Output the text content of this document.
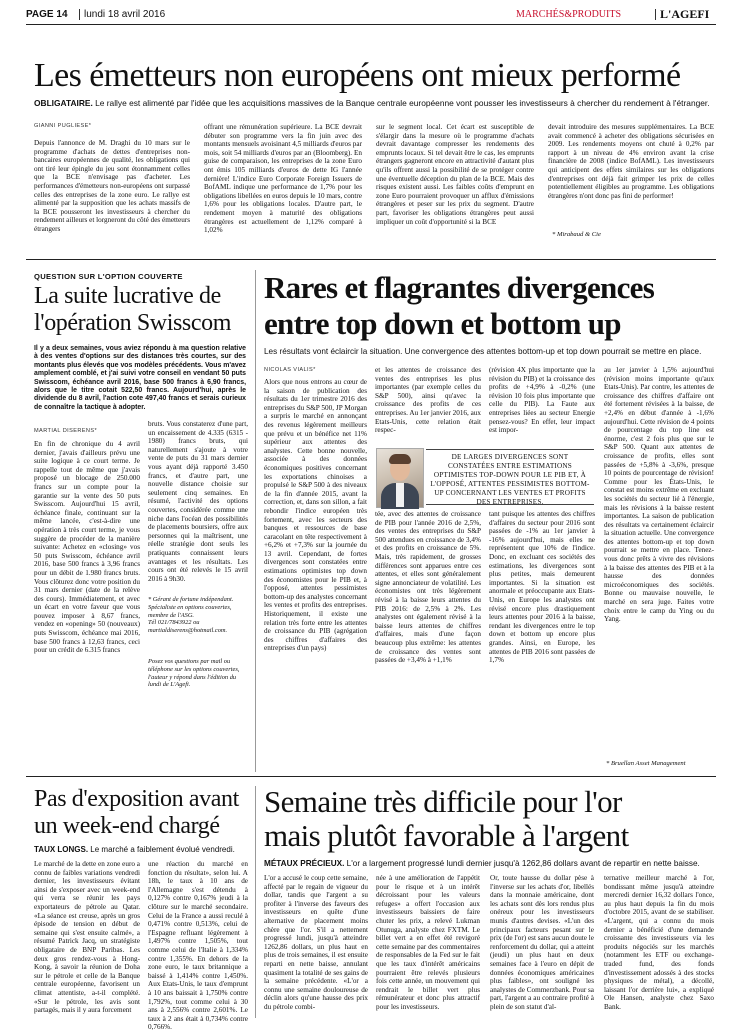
PAGE 14 lundi 18 avril 2016	MARCHÉS&PRODUITS	L'AGEFI
Les émetteurs non européens ont mieux performé
OBLIGATAIRE. Le rallye est alimenté par l'idée que les acquisitions massives de la Banque centrale européenne vont pousser les investisseurs à chercher du rendement à l'étranger.
GIANNI PUGLIESE*

Depuis l'annonce de M. Draghi du 10 mars sur le programme d'achats de dettes d'entreprises non-bancaires européennes de qualité, les obligations qui ont tiré leur épingle du jeu sont étonnamment celles que la BCE n'envisage pas d'acheter. Les performances d'émetteurs non-européens ont surpassé celles des entreprises de la zone euro. Le rallye est alimenté par la supposition que les achats massifs de la BCE pousseront les investisseurs à chercher du rendement ailleurs et lorgneront du côté des émetteurs étrangers

offrant une rémunération supérieure. La BCE devrait débuter son programme vers la fin juin avec des montants mensuels avoisinant 4,5 milliards d'euros par mois, soit 54 milliards d'euros par an (Bloomberg). En guise de comparaison, les entreprises de la zone Euro ont émis 105 milliards d'euros de dette IG l'année dernière! L'indice Euro Corporate Foreign Issuers de BofAML indique une performance de 1,7% pour les obligations libellées en euros depuis le 10 mars, contre 1,6% pour les obligations locales. D'autre part, le rendement moyen à maturité des obligations étrangères est actuellement de 1,12% comparé à 1,02%

sur le segment local. Cet écart est susceptible de s'élargir dans la mesure où le programme d'achats devrait davantage compresser les rendements des emprunts locaux. Si tel devait être le cas, les emprunts étrangers gagneront encore en attractivité d'autant plus qu'ils offrent aussi la possibilité de se protéger contre une éventuelle déception du plan de la BCE. Mais des risques existent aussi. Les faibles coûts d'emprunt en zone Euro pourraient provoquer un afflux d'émissions étrangères et peser sur les prix du segment. D'autre part, favoriser les obligations étrangères peut aussi impliquer un coût d'opportunité si la BCE

devait introduire des mesures supplémentaires. La BCE avait commencé à acheter des obligations sécurisées en 2009. Les rendements moyens ont chuté à 0,2% par rapport à un niveau de 4% environ avant la crise financière de 2008 (indice BofAML). Les investisseurs qui anticipent des effets similaires sur les obligations d'entreprises ont déjà fait grimper les prix de celles potentiellement éligibles au programme. Les obligations étrangères n'ont donc pas fini de performer!

* Mirabaud & Cie
QUESTION SUR L'OPTION COUVERTE
La suite lucrative de
l'opération Swisscom
Il y a deux semaines, vous aviez répondu à ma question relative à des ventes d'options sur des distances très courtes, sur des montants plus élevés que vos modèles précédents. Vous m'avez amplement comblé, et j'ai suivi votre conseil en vendant 50 puts Swisscom, échéance avril 2016, base 500 francs à 6,90 francs, alors que le titre cotait 522,50 francs. Aujourd'hui, après le dividende du 8 avril, l'action cote 497,40 francs et serais curieux de connaître la tactique à adopter.
MARTIAL DISERENS*

En fin de chronique du 4 avril dernier, j'avais d'ailleurs prévu une suite logique à ce court terme. Je rappelle tout de même que j'avais proposé un blocage de 250.000 francs sur un compte pour la garantie sur la vente des 50 puts Swisscom. Aujourd'hui 15 avril, échéance finale, continuant sur la même lancée, c'est-à-dire une opération à très court terme, je vous suggère de procéder de la manière suivante: Achetez en «closing» vos 50 puts Swisscom, échéance avril 2016, base 500 francs à 3,96 francs pour un débit de 1.980 francs bruts. Vous clôturez donc votre position du 31 mars dernier (date de la relève des cours). Immédiatement, et avec un écart en votre faveur que vous pouvez imposer à 8,67 francs, vendez en «opening» 50 (nouveaux) puts Swisscom, échéance mai 2016, base 500 francs à 12,63 francs, ceci pour un crédit de 6.315 francs

bruts. Vous constaterez d'une part, un encaissement de 4.335 (6315 - 1980) francs bruts, qui naturellement s'ajoute à votre vente de puts du 31 mars dernier vous ayant déjà rapporté 3.450 francs, et d'autre part, une nouvelle distance choisie sur seulement cinq semaines. En résumé, l'activité des options couvertes, considérée comme une niche dans l'océan des possibilités de placements boursiers, offre aux personnes qui la maîtrisent, une réelle stratégie dont seuls les pratiquants connaissent leurs avantages et les résultats. Les cours ont été relevés le 15 avril 2016 à 9h30.

* Gérant de fortune indépendant. Spécialiste en options couvertes, membre de l'ASG.
Tél 021/7843922 ou martialdiserens@hotmail.com.
Posez vos questions par mail ou téléphone sur les options couvertes, l'auteur y répond dans l'édition du lundi de L'Agefi.
Rares et flagrantes divergences
entre top down et bottom up
Les résultats vont éclaircir la situation. Une convergence des attentes bottom-up et top down pourrait se mettre en place.
NICOLAS VIALIS*

Alors que nous entrons au cœur de la saison de publication des résultats du 1er trimestre 2016 des entreprises du S&P 500, JP Morgan a surpris le marché en annonçant des revenus légèrement meilleurs que prévu et un bénéfice net 11% supérieur aux attentes des analystes. Cette bonne nouvelle, associée à des données économiques positives concernant les exportations chinoises a propulsé le S&P 500 à des niveaux de la fin d'année 2015, avant la correction, et, dans son sillon, a fait rebondir l'indice européen très fortement, avec les secteurs des banques et ressources de base caracolant en tête respectivement à +6,2% et +7,3% sur la journée du 13 avril. Cependant, de fortes divergences sont constatées entre estimations optimistes top down des économistes pour le PIB et, à l'opposé, attentes pessimistes bottom-up des analystes concernant les ventes et profits des entreprises. Historiquement, il existe une relation très forte entre les attentes de croissance du PIB (agrégation des chiffres d'affaires des entreprises d'un pays)

et les attentes de croissance des ventes des entreprises les plus importantes (par exemple celles du S&P 500), ainsi qu'avec la croissance des profits de ces entreprises. Au 1er janvier 2016, aux Etats-Unis, cette relation était respec-

(révision 4X plus importante que la révision du PIB) et la croissance des profits de +4,9% à -0,2% (une révision 10 fois plus importante que celle du PIB). La Faute aux entreprises liées au secteur Energie pensez-vous? En effet, leur impact est impor-

DE LARGES DIVERGENCES SONT CONSTATÉES ENTRE ESTIMATIONS OPTIMISTES TOP-DOWN POUR LE PIB ET, À L'OPPOSÉ, ATTENTES PESSIMISTES BOTTOM-UP CONCERNANT LES VENTES ET PROFITS DES ENTREPRISES.

tée, avec des attentes de croissance de PIB pour l'année 2016 de 2,5%, des ventes des entreprises du S&P 500 attendues en croissance de 3,4% et des profits en croissance de 5%. Mais, très rapidement, de grosses différences sont apparues entre ces attentes, et elles sont généralement signe annonciateur de volatilité. Les économistes ont très légèrement révisé à la baisse leurs attentes du PIB 2016: de 2,5% à 2%. Les analystes ont également révisé à la baisse leurs attentes de chiffres d'affaires, mais d'une façon beaucoup plus extrême: les attentes de croissance des ventes sont passées de +3,4% à +1,1%

tant puisque les attentes des chiffres d'affaires du secteur pour 2016 sont passées de -1% au 1er janvier à -16% aujourd'hui, mais elles ne représentent que 10% de l'indice. Donc, en excluant ces sociétés des estimations, les divergences sont plus petites, mais demeurent importantes. Si la situation est anormale et préoccupante aux Etats-Unis, en Europe les analystes ont révisé encore plus drastiquement leurs attentes pour 2016 à la baisse, rendant les divergences entre le top down et bottom up encore plus grandes. Ainsi, en Europe, les attentes de PIB 2016 sont passées de 1,7%

au 1er janvier à 1,5% aujourd'hui (révision moins importante qu'aux Etats-Unis). Par contre, les attentes de croissance des chiffres d'affaire ont été fortement révisées à la baisse, de +2,4% en début d'année à -1,6% aujourd'hui. Cette révision de 4 points de pourcentage du top line est énorme, c'est 2 fois plus que sur le S&P 500. Quant aux attentes de croissance de profits, elles sont passées de +5,8% à -3,6%, presque 10 points de pourcentage de révision! Comme pour les États-Unis, le constat est moins extrême en excluant les sociétés du secteur lié à l'énergie, mais les révisions à la baisse restent importantes. La saison de publication des résultats va certainement éclaircir la situation actuelle. Une convergence des attentes bottom-up et top down pourrait se mettre en place. Tenez-vous donc prêts à vivre des révisions à la baisse des attentes des PIB et à la hausse des données microéconomiques des sociétés. Bonne ou mauvaise nouvelle, le marché en sera juge. Faites votre choix entre le camp du Ying ou du Yang.

* Bruellan Asset Management
Pas d'exposition avant
un week-end chargé
TAUX LONGS. Le marché a faiblement évolué vendredi.

Le marché de la dette en zone euro a connu de faibles variations vendredi dernier, les investisseurs évitant ainsi de s'exposer avec un week-end qui verra se réunir les pays exportateurs de pétrole au Qatar. «La séance est creuse, après un gros épisode de tension en début de semaine qui s'est ensuite calmé», a résumé Patrick Jacq, un stratégiste obligataire de BNP Paribas. Les deux gros rendez-vous à Hong-Kong, à savoir la réunion de Doha sur le pétrole et celle de la Banque centrale européenne, favorisent un climat attentiste, a-t-il complété. «Sur le pétrole, les avis sont partagés, mais il y aura forcement

une réaction du marché en fonction du résultat», selon lui. A 18h, le taux à 10 ans de l'Allemagne s'est détendu à 0,127% contre 0,167% jeudi à la clôture sur le marché secondaire. Celui de la France a aussi reculé à 0,471% contre 0,513%, celui de l'Espagne refluant légèrement à 1,497% contre 1,505%, tout comme celui de l'Italie à 1,334% contre 1,355%. En dehors de la zone euro, le taux britannique a baissé à 1,414% contre 1,450%. Aux Etats-Unis, le taux d'emprunt à 10 ans baissait à 1,750% contre 1,792%, tout comme celui à 30 ans à 2,556% contre 2,601%. Le taux à 2 ans était à 0,734% contre 0,766%.

Semaine très difficile pour l'or
mais plutôt favorable à l'argent
MÉTAUX PRÉCIEUX. L'or a largement progressé lundi dernier jusqu'à 1262,86 dollars avant de repartir en nette baisse.

L'or a accusé le coup cette semaine, affecté par le regain de vigueur du dollar, tandis que l'argent a su profiter à l'inverse des faveurs des investisseurs en quête d'une alternative de placement moins chère que l'or. S'il a nettement progressé lundi, jusqu'à atteindre 1262,86 dollars, un plus haut en plus de trois semaines, il est ensuite reparti en nette baisse, annulant quasiment la totalité de ses gains de la semaine précédente. «L'or a connu une semaine douloureuse de déclin alors qu'une hausse des prix du pétrole combi-

née à une amélioration de l'appétit pour le risque et à un intérêt décroissant pour les valeurs refuges» a offert l'occasion aux investisseurs baissiers de faire chuter les prix, a relevé Lukman Otunuga, analyste chez FXTM. Le billet vert a en effet été revigoré cette semaine par des commentaires de responsables de la Fed sur le fait que les taux d'intérêt américains pourraient être relevés plusieurs fois cette année, un mouvement qui rendrait le billet vert plus rémunérateur et donc plus attractif pour les investisseurs.

Or, toute hausse du dollar pèse à l'inverse sur les achats d'or, libellés dans la monnaie américaine, dont les achats sont dès lors rendus plus onéreux pour les investisseurs munis d'autres devises. «L'un des principaux facteurs pesant sur le prix (de l'or) est sans aucun doute le renforcement du dollar, qui a atteint (jeudi) un plus haut en deux semaines face à l'euro en dépit de données économiques américaines plus faibles», ont souligné les analystes de Commerzbank. Pour sa part, l'argent a au contraire profité à plein de son statut d'al-

ternative meilleur marché à l'or, bondissant même jusqu'à atteindre mercredi dernier 16,32 dollars l'once, au plus haut depuis la fin du mois d'octobre 2015, avant de se stabiliser. «L'argent, qui a connu du mois dernier a bénéficié d'une demande croissante des investisseurs via les produits négociés sur les marchés (notamment les ETF ou exchange-traded fund, des fonds d'investissement adossés à des stocks physiques de métal), a décollé, laissant l'or derrière lui», a expliqué Ole Hansen, analyste chez Saxo Bank.
